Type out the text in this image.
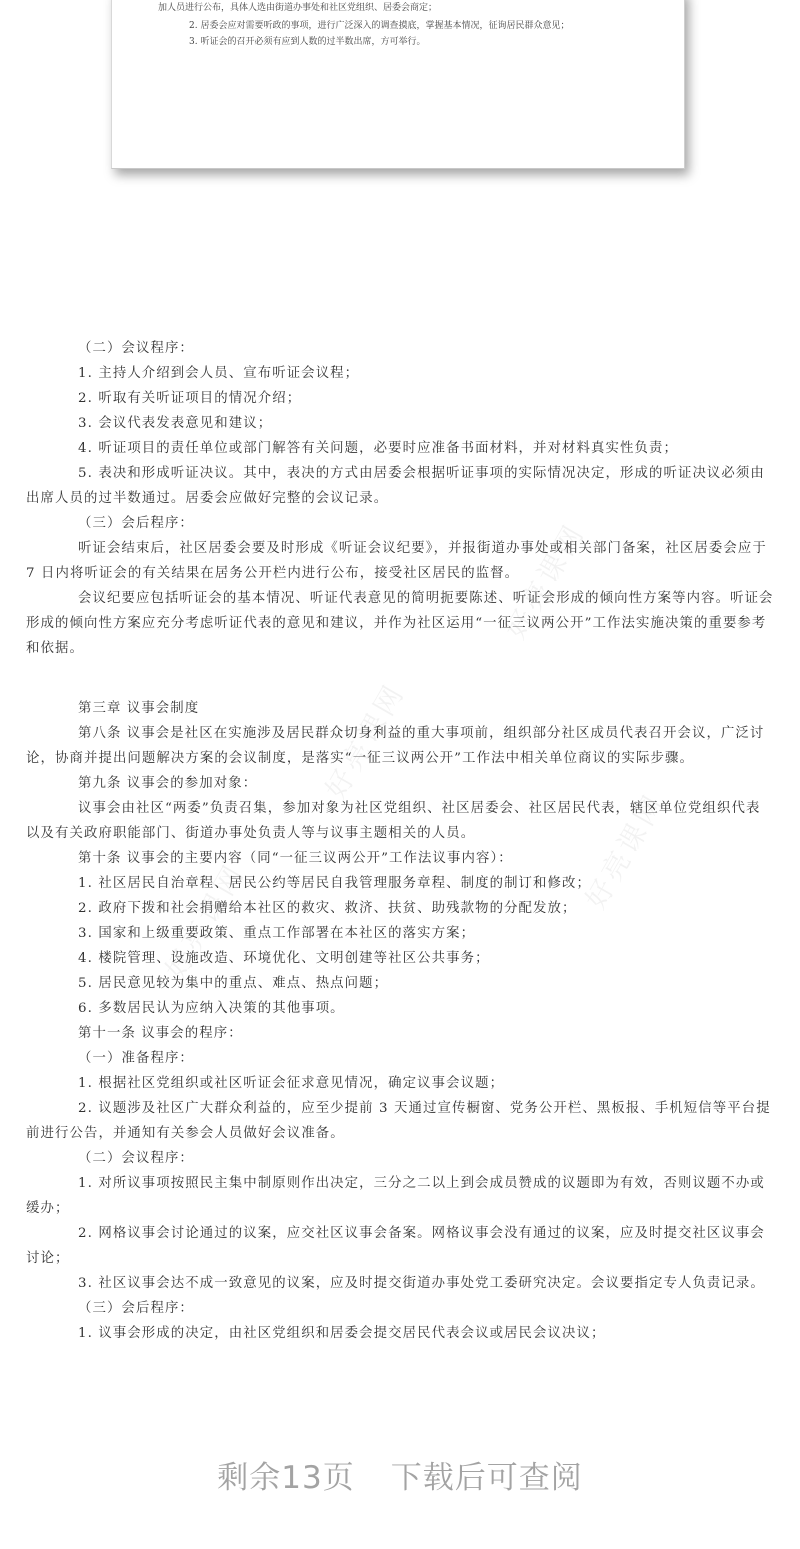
加人员进行公布，具体人选由街道办事处和社区党组织、居委会商定；
2. 居委会应对需要听政的事项，进行广泛深入的调查摸底，掌握基本情况，征询居民群众意见；
3. 听证会的召开必须有应到人数的过半数出席，方可举行。
好亮课网
好亮课网
好亮课网
好亮课网

（二）会议程序：

1. 主持人介绍到会人员、宣布听证会议程；

2. 听取有关听证项目的情况介绍；

3. 会议代表发表意见和建议；

4. 听证项目的责任单位或部门解答有关问题，必要时应准备书面材料，并对材料真实性负责；

5. 表决和形成听证决议。其中，表决的方式由居委会根据听证事项的实际情况决定，形成的听证决议必须由出席人员的过半数通过。居委会应做好完整的会议记录。

（三）会后程序：

听证会结束后，社区居委会要及时形成《听证会议纪要》，并报街道办事处或相关部门备案，社区居委会应于 7 日内将听证会的有关结果在居务公开栏内进行公布，接受社区居民的监督。

会议纪要应包括听证会的基本情况、听证代表意见的简明扼要陈述、听证会形成的倾向性方案等内容。听证会形成的倾向性方案应充分考虑听证代表的意见和建议，并作为社区运用“一征三议两公开”工作法实施决策的重要参考和依据。

第三章 议事会制度

第八条 议事会是社区在实施涉及居民群众切身利益的重大事项前，组织部分社区成员代表召开会议，广泛讨论，协商并提出问题解决方案的会议制度，是落实“一征三议两公开”工作法中相关单位商议的实际步骤。

第九条 议事会的参加对象：

议事会由社区“两委”负责召集，参加对象为社区党组织、社区居委会、社区居民代表，辖区单位党组织代表以及有关政府职能部门、街道办事处负责人等与议事主题相关的人员。

第十条 议事会的主要内容（同“一征三议两公开”工作法议事内容）：

1. 社区居民自治章程、居民公约等居民自我管理服务章程、制度的制订和修改；

2. 政府下拨和社会捐赠给本社区的救灾、救济、扶贫、助残款物的分配发放；

3. 国家和上级重要政策、重点工作部署在本社区的落实方案；

4. 楼院管理、设施改造、环境优化、文明创建等社区公共事务；

5. 居民意见较为集中的重点、难点、热点问题；

6. 多数居民认为应纳入决策的其他事项。

第十一条 议事会的程序：

（一）准备程序：

1. 根据社区党组织或社区听证会征求意见情况，确定议事会议题；

2. 议题涉及社区广大群众利益的，应至少提前 3 天通过宣传橱窗、党务公开栏、黑板报、手机短信等平台提前进行公告，并通知有关参会人员做好会议准备。

（二）会议程序：

1. 对所议事项按照民主集中制原则作出决定，三分之二以上到会成员赞成的议题即为有效，否则议题不办或缓办；

2. 网格议事会讨论通过的议案，应交社区议事会备案。网格议事会没有通过的议案，应及时提交社区议事会讨论；

3. 社区议事会达不成一致意见的议案，应及时提交街道办事处党工委研究决定。会议要指定专人负责记录。

（三）会后程序：

1. 议事会形成的决定，由社区党组织和居委会提交居民代表会议或居民会议决议；

剩余13页 下载后可查阅
